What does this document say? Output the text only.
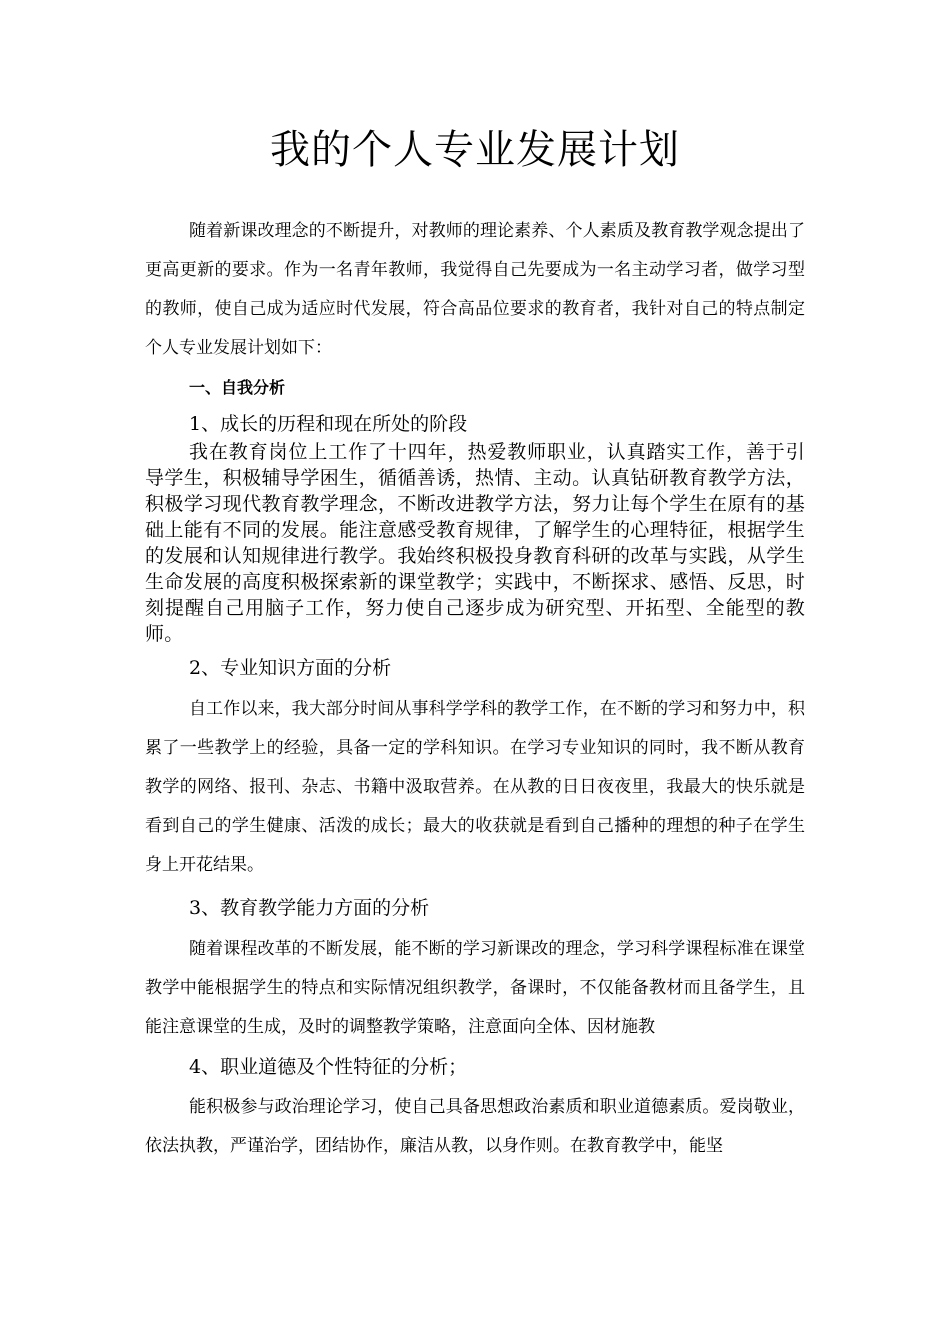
我的个人专业发展计划

随着新课改理念的不断提升，对教师的理论素养、个人素质及教育教学观念提出了更高更新的要求。作为一名青年教师，我觉得自己先要成为一名主动学习者，做学习型的教师，使自己成为适应时代发展，符合高品位要求的教育者，我针对自己的特点制定个人专业发展计划如下：

一、自我分析
1、成长的历程和现在所处的阶段

我在教育岗位上工作了十四年，热爱教师职业，认真踏实工作，善于引导学生，积极辅导学困生，循循善诱，热情、主动。认真钻研教育教学方法，积极学习现代教育教学理念，不断改进教学方法，努力让每个学生在原有的基础上能有不同的发展。能注意感受教育规律，了解学生的心理特征，根据学生的发展和认知规律进行教学。我始终积极投身教育科研的改革与实践，从学生生命发展的高度积极探索新的课堂教学；实践中，不断探求、感悟、反思，时刻提醒自己用脑子工作，努力使自己逐步成为研究型、开拓型、全能型的教师。

2、专业知识方面的分析

自工作以来，我大部分时间从事科学学科的教学工作，在不断的学习和努力中，积累了一些教学上的经验，具备一定的学科知识。在学习专业知识的同时，我不断从教育教学的网络、报刊、杂志、书籍中汲取营养。在从教的日日夜夜里，我最大的快乐就是看到自己的学生健康、活泼的成长；最大的收获就是看到自己播种的理想的种子在学生身上开花结果。

3、教育教学能力方面的分析

随着课程改革的不断发展，能不断的学习新课改的理念，学习科学课程标准在课堂教学中能根据学生的特点和实际情况组织教学，备课时，不仅能备教材而且备学生，且能注意课堂的生成，及时的调整教学策略，注意面向全体、因材施教

4、职业道德及个性特征的分析；

能积极参与政治理论学习，使自己具备思想政治素质和职业道德素质。爱岗敬业，依法执教，严谨治学，团结协作，廉洁从教，以身作则。在教育教学中，能坚
